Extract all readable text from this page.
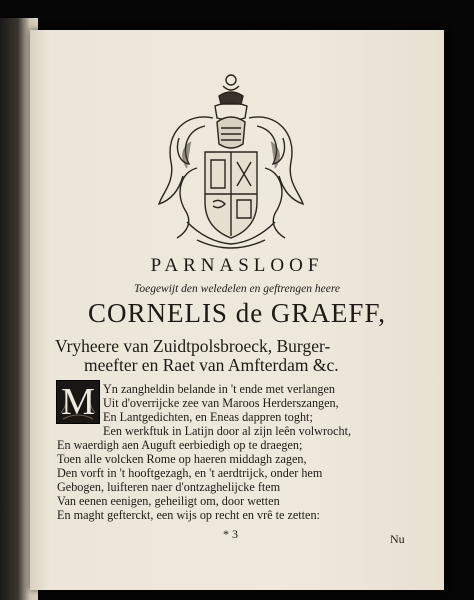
PARNASLOOF
Toegewijt den weledelen en geftrengen heere
CORNELIS de GRAEFF,
Vryheere van Zuidtpolsbroeck, Burger-
meefter en Raet van Amfterdam &c.
M Yn zangheldin belande in 't ende met verlangen
Uit d'overrijcke zee van Maroos Herderszangen,
En Lantgedichten, en Eneas dappren toght;
Een werkftuk in Latijn door al zijn leên volwrocht,
En waerdigh aen Auguft eerbiedigh op te draegen;
Toen alle volcken Rome op haeren middagh zagen,
Den vorft in 't hooftgezagh, en 't aerdtrijck, onder hem
Gebogen, luifteren naer d'ontzaghelijcke ftem
Van eenen eenigen, geheiligt om, door wetten
En maght gefterckt, een wijs op recht en vrê te zetten:
* 3	Nu
